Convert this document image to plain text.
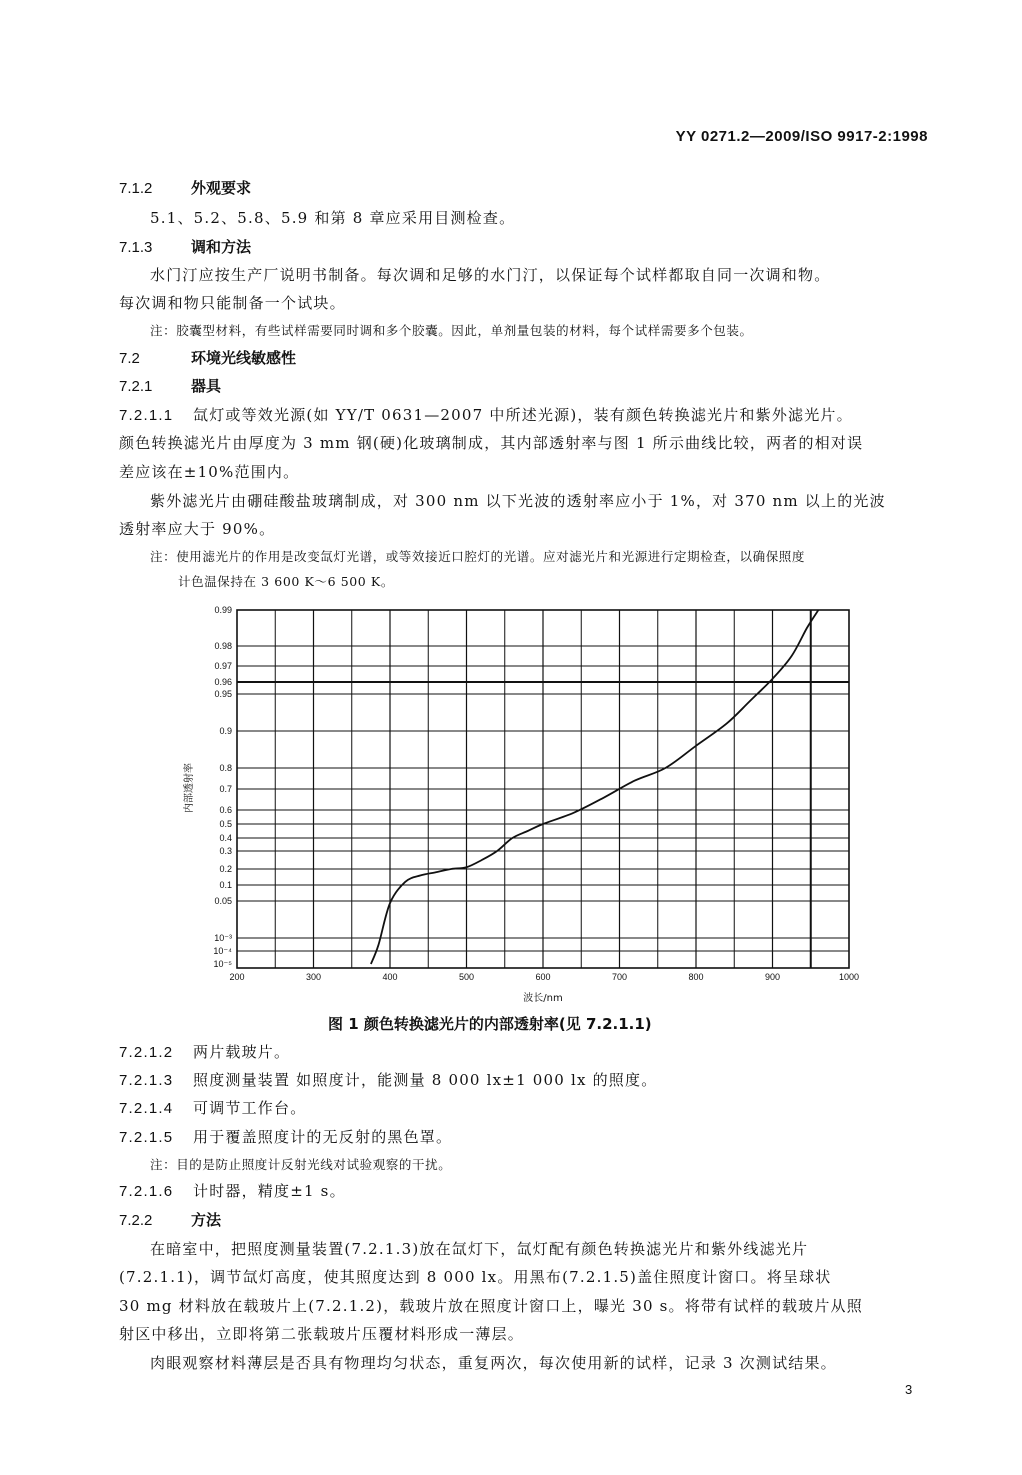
YY 0271.2—2009/ISO 9917-2:1998
7.1.2	外观要求
5.1、5.2、5.8、5.9 和第 8 章应采用目测检查。
7.1.3	调和方法
水门汀应按生产厂说明书制备。每次调和足够的水门汀，以保证每个试样都取自同一次调和物。
每次调和物只能制备一个试块。
注：胶囊型材料，有些试样需要同时调和多个胶囊。因此，单剂量包装的材料，每个试样需要多个包装。
7.2	环境光线敏感性
7.2.1	器具
7.2.1.1 氙灯或等效光源(如 YY/T 0631—2007 中所述光源)，装有颜色转换滤光片和紫外滤光片。
颜色转换滤光片由厚度为 3 mm 钢(硬)化玻璃制成，其内部透射率与图 1 所示曲线比较，两者的相对误
差应该在±10%范围内。
紫外滤光片由硼硅酸盐玻璃制成，对 300 nm 以下光波的透射率应小于 1%，对 370 nm 以上的光波
透射率应大于 90%。
注：使用滤光片的作用是改变氙灯光谱，或等效接近口腔灯的光谱。应对滤光片和光源进行定期检查，以确保照度
计色温保持在 3 600 K～6 500 K。
0.99
0.98
0.97
0.96
0.95
0.9
0.8
0.7
0.6
0.5
0.4
0.3
0.2
0.1
0.05
10⁻³
10⁻⁴
10⁻⁵
200	300	400	500	600	700	800	900	1000
内部透射率
波长/nm
图 1 颜色转换滤光片的内部透射率(见 7.2.1.1)
7.2.1.2 两片载玻片。
7.2.1.3 照度测量装置 如照度计，能测量 8 000 lx±1 000 lx 的照度。
7.2.1.4 可调节工作台。
7.2.1.5 用于覆盖照度计的无反射的黑色罩。
注：目的是防止照度计反射光线对试验观察的干扰。
7.2.1.6 计时器，精度±1 s。
7.2.2	方法
在暗室中，把照度测量装置(7.2.1.3)放在氙灯下，氙灯配有颜色转换滤光片和紫外线滤光片
(7.2.1.1)，调节氙灯高度，使其照度达到 8 000 lx。用黑布(7.2.1.5)盖住照度计窗口。将呈球状
30 mg 材料放在载玻片上(7.2.1.2)，载玻片放在照度计窗口上，曝光 30 s。将带有试样的载玻片从照
射区中移出，立即将第二张载玻片压覆材料形成一薄层。
肉眼观察材料薄层是否具有物理均匀状态，重复两次，每次使用新的试样，记录 3 次测试结果。
3
